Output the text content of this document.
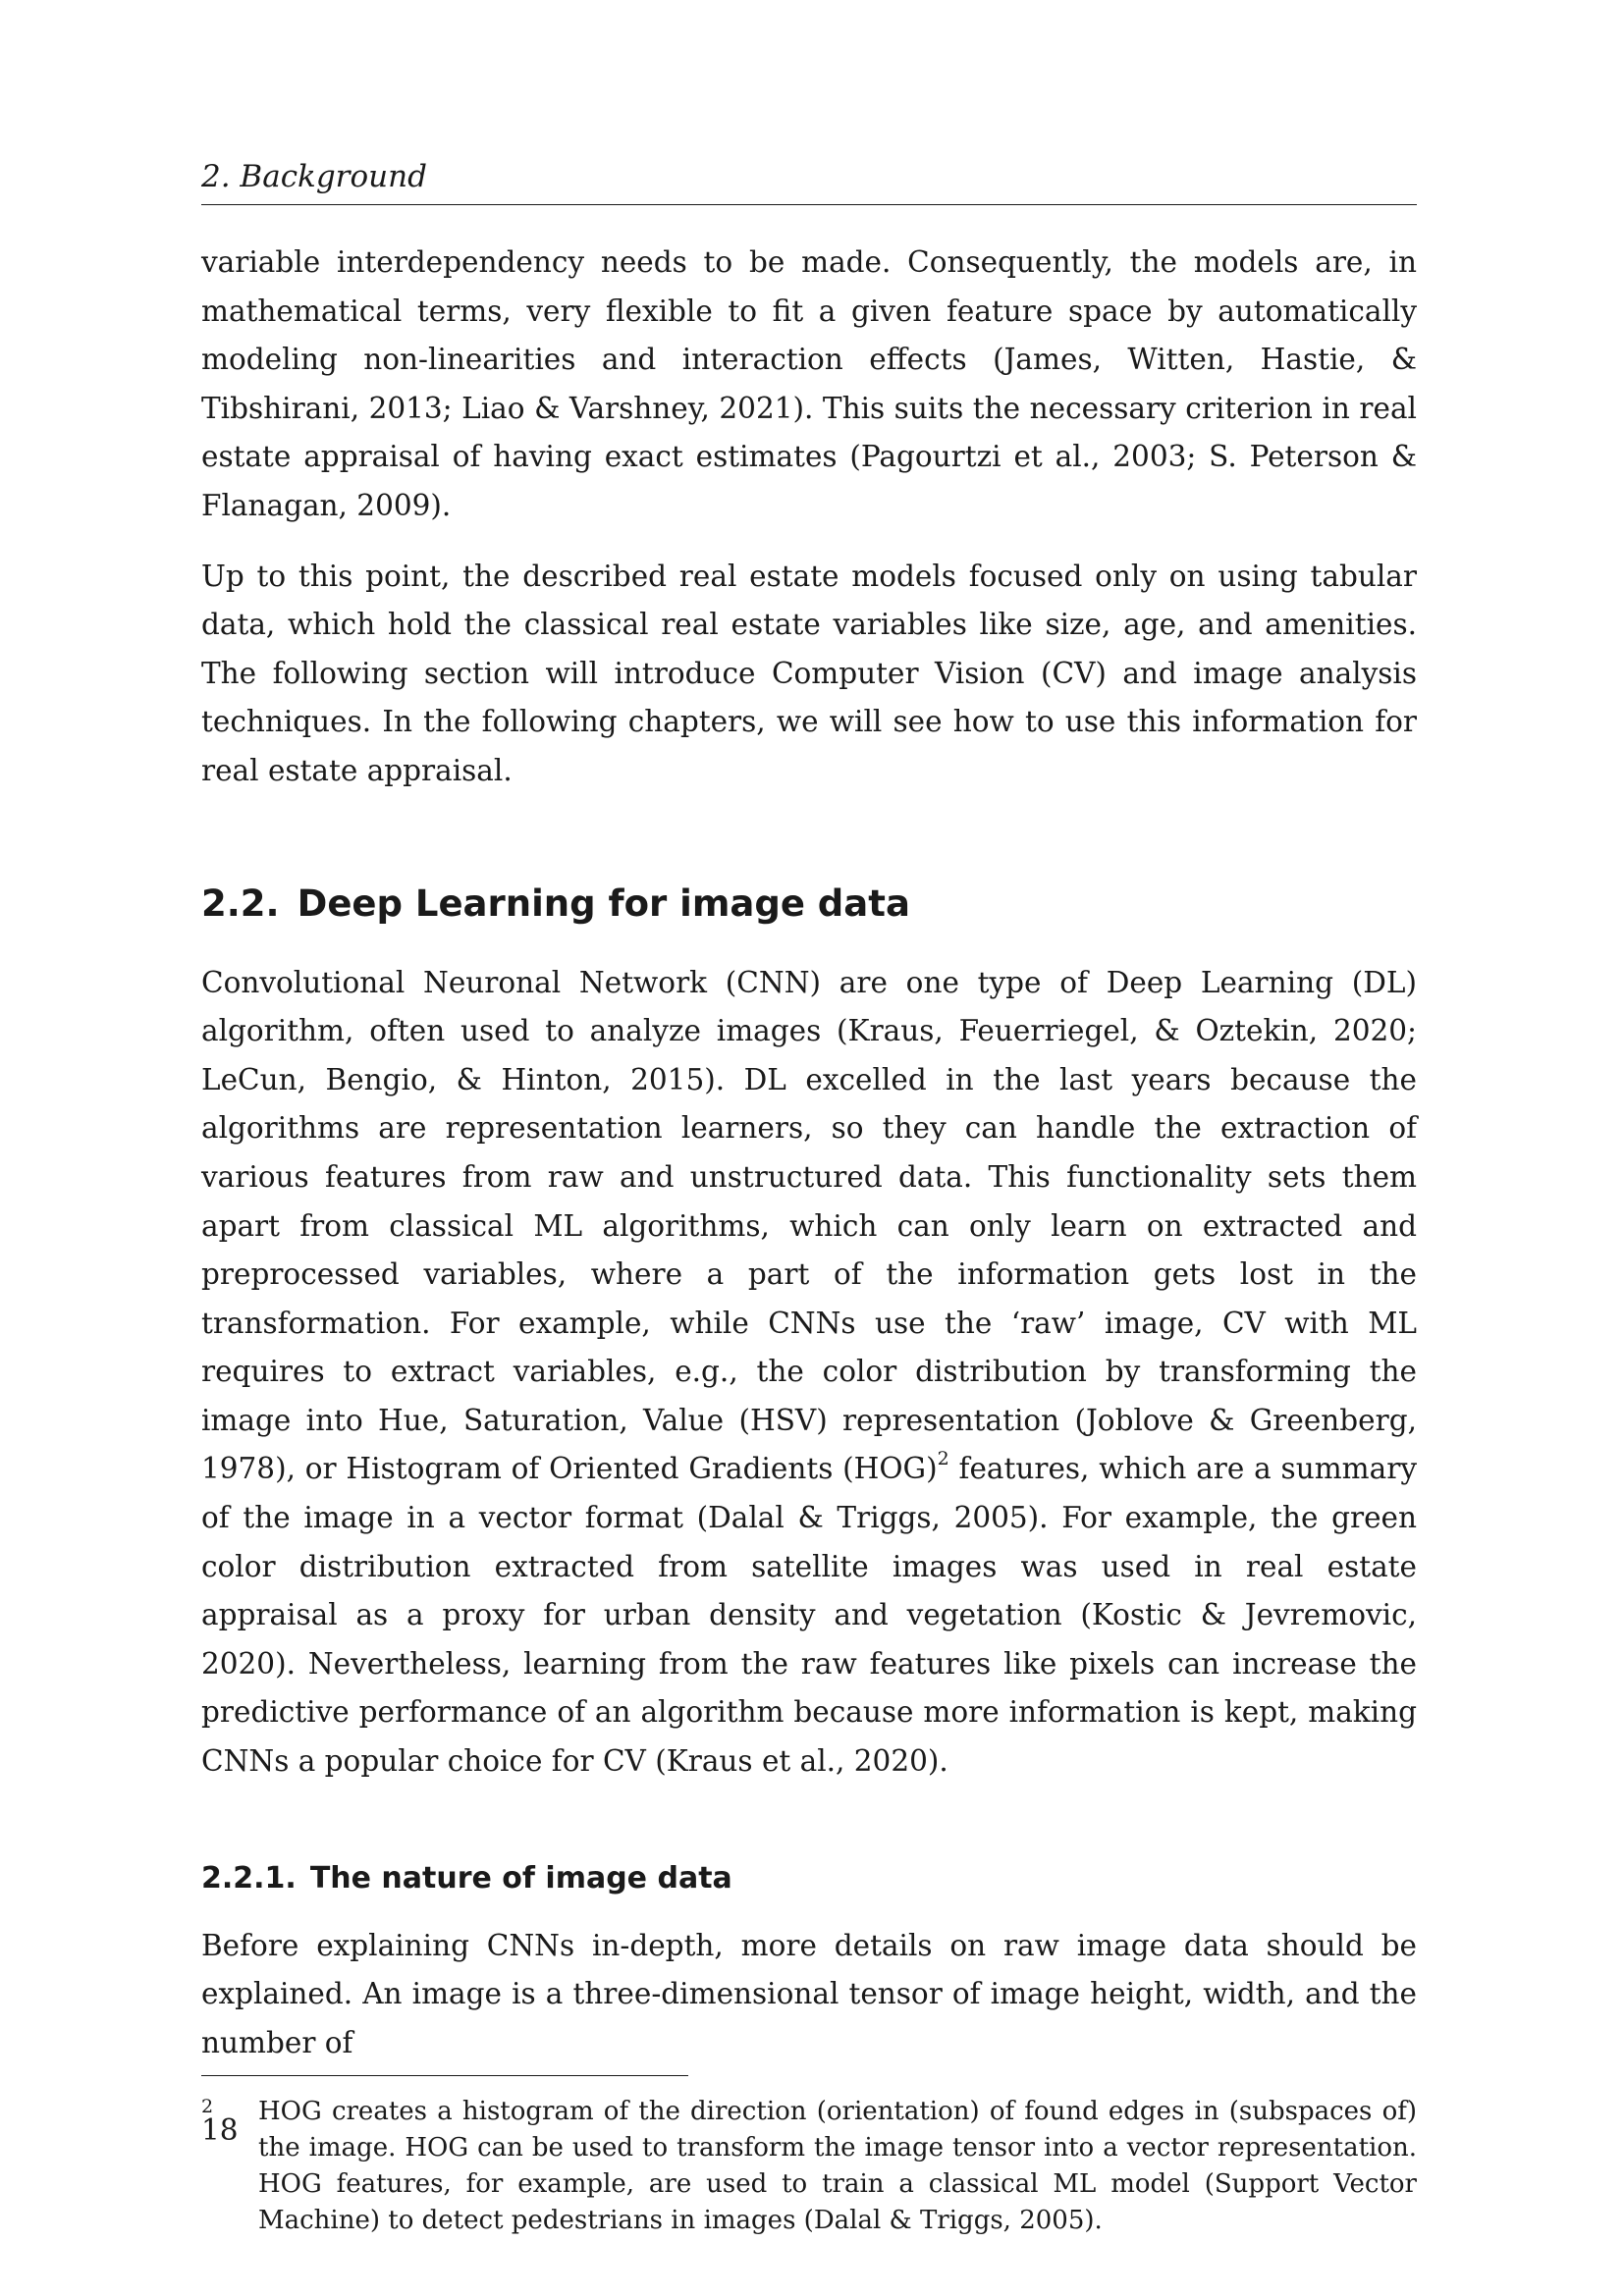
2. Background

variable interdependency needs to be made. Consequently, the models are, in mathematical terms, very flexible to fit a given feature space by automatically modeling non-linearities and interaction effects (James, Witten, Hastie, & Tibshirani, 2013; Liao & Varshney, 2021). This suits the necessary criterion in real estate appraisal of having exact estimates (Pagourtzi et al., 2003; S. Peterson & Flanagan, 2009).

Up to this point, the described real estate models focused only on using tabular data, which hold the classical real estate variables like size, age, and amenities. The following section will introduce Computer Vision (CV) and image analysis techniques. In the following chapters, we will see how to use this information for real estate appraisal.

2.2. Deep Learning for image data

Convolutional Neuronal Network (CNN) are one type of Deep Learning (DL) algorithm, often used to analyze images (Kraus, Feuerriegel, & Oztekin, 2020; LeCun, Bengio, & Hinton, 2015). DL excelled in the last years because the algorithms are representation learners, so they can handle the extraction of various features from raw and unstructured data. This functionality sets them apart from classical ML algorithms, which can only learn on extracted and preprocessed variables, where a part of the information gets lost in the transformation. For example, while CNNs use the ‘raw’ image, CV with ML requires to extract variables, e.g., the color distribution by transforming the image into Hue, Saturation, Value (HSV) representation (Joblove & Greenberg, 1978), or Histogram of Oriented Gradients (HOG)$^2$ features, which are a summary of the image in a vector format (Dalal & Triggs, 2005). For example, the green color distribution extracted from satellite images was used in real estate appraisal as a proxy for urban density and vegetation (Kostic & Jevremovic, 2020). Nevertheless, learning from the raw features like pixels can increase the predictive performance of an algorithm because more information is kept, making CNNs a popular choice for CV (Kraus et al., 2020).

2.2.1. The nature of image data

Before explaining CNNs in-depth, more details on raw image data should be explained. An image is a three-dimensional tensor of image height, width, and the number of

2	HOG creates a histogram of the direction (orientation) of found edges in (subspaces of) the image. HOG can be used to transform the image tensor into a vector representation. HOG features, for example, are used to train a classical ML model (Support Vector Machine) to detect pedestrians in images (Dalal & Triggs, 2005).
18
